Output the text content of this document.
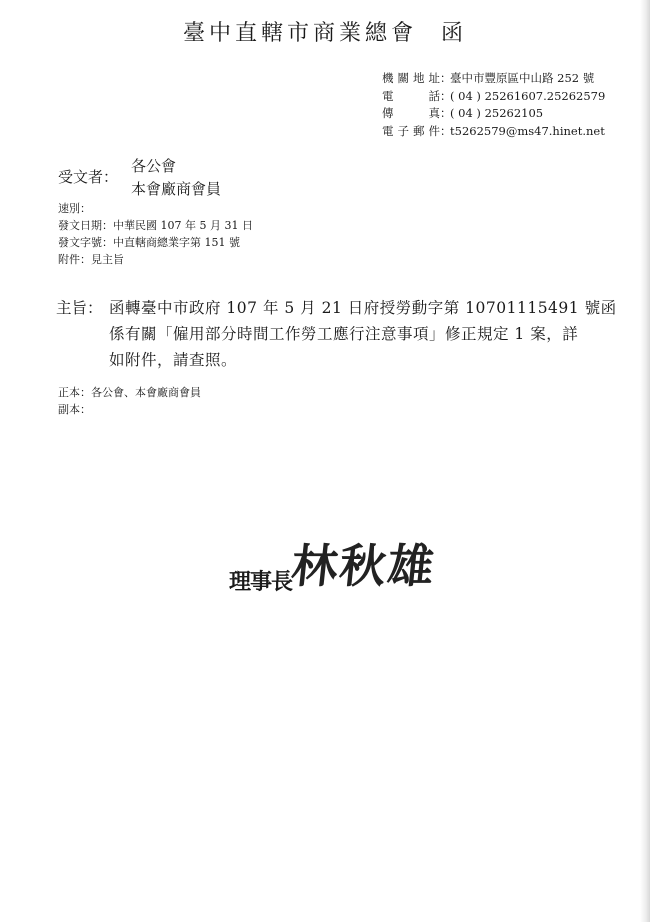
臺中直轄市商業總會 函
機關地址：臺中市豐原區中山路 252 號
電話：( 04 ) 25261607.25262579
傳真：( 04 ) 25262105
電子郵件：t5262579@ms47.hinet.net
受文者：
各公會
本會廠商會員
速別：
發文日期：中華民國 107 年 5 月 31 日
發文字號：中直轄商總業字第 151 號
附件：見主旨
主旨： 函轉臺中市政府 107 年 5 月 21 日府授勞動字第 10701115491 號函
係有關「僱用部分時間工作勞工應行注意事項」修正規定 1 案，詳
如附件，請查照。
正本：各公會、本會廠商會員
副本：
理事長林秋雄
